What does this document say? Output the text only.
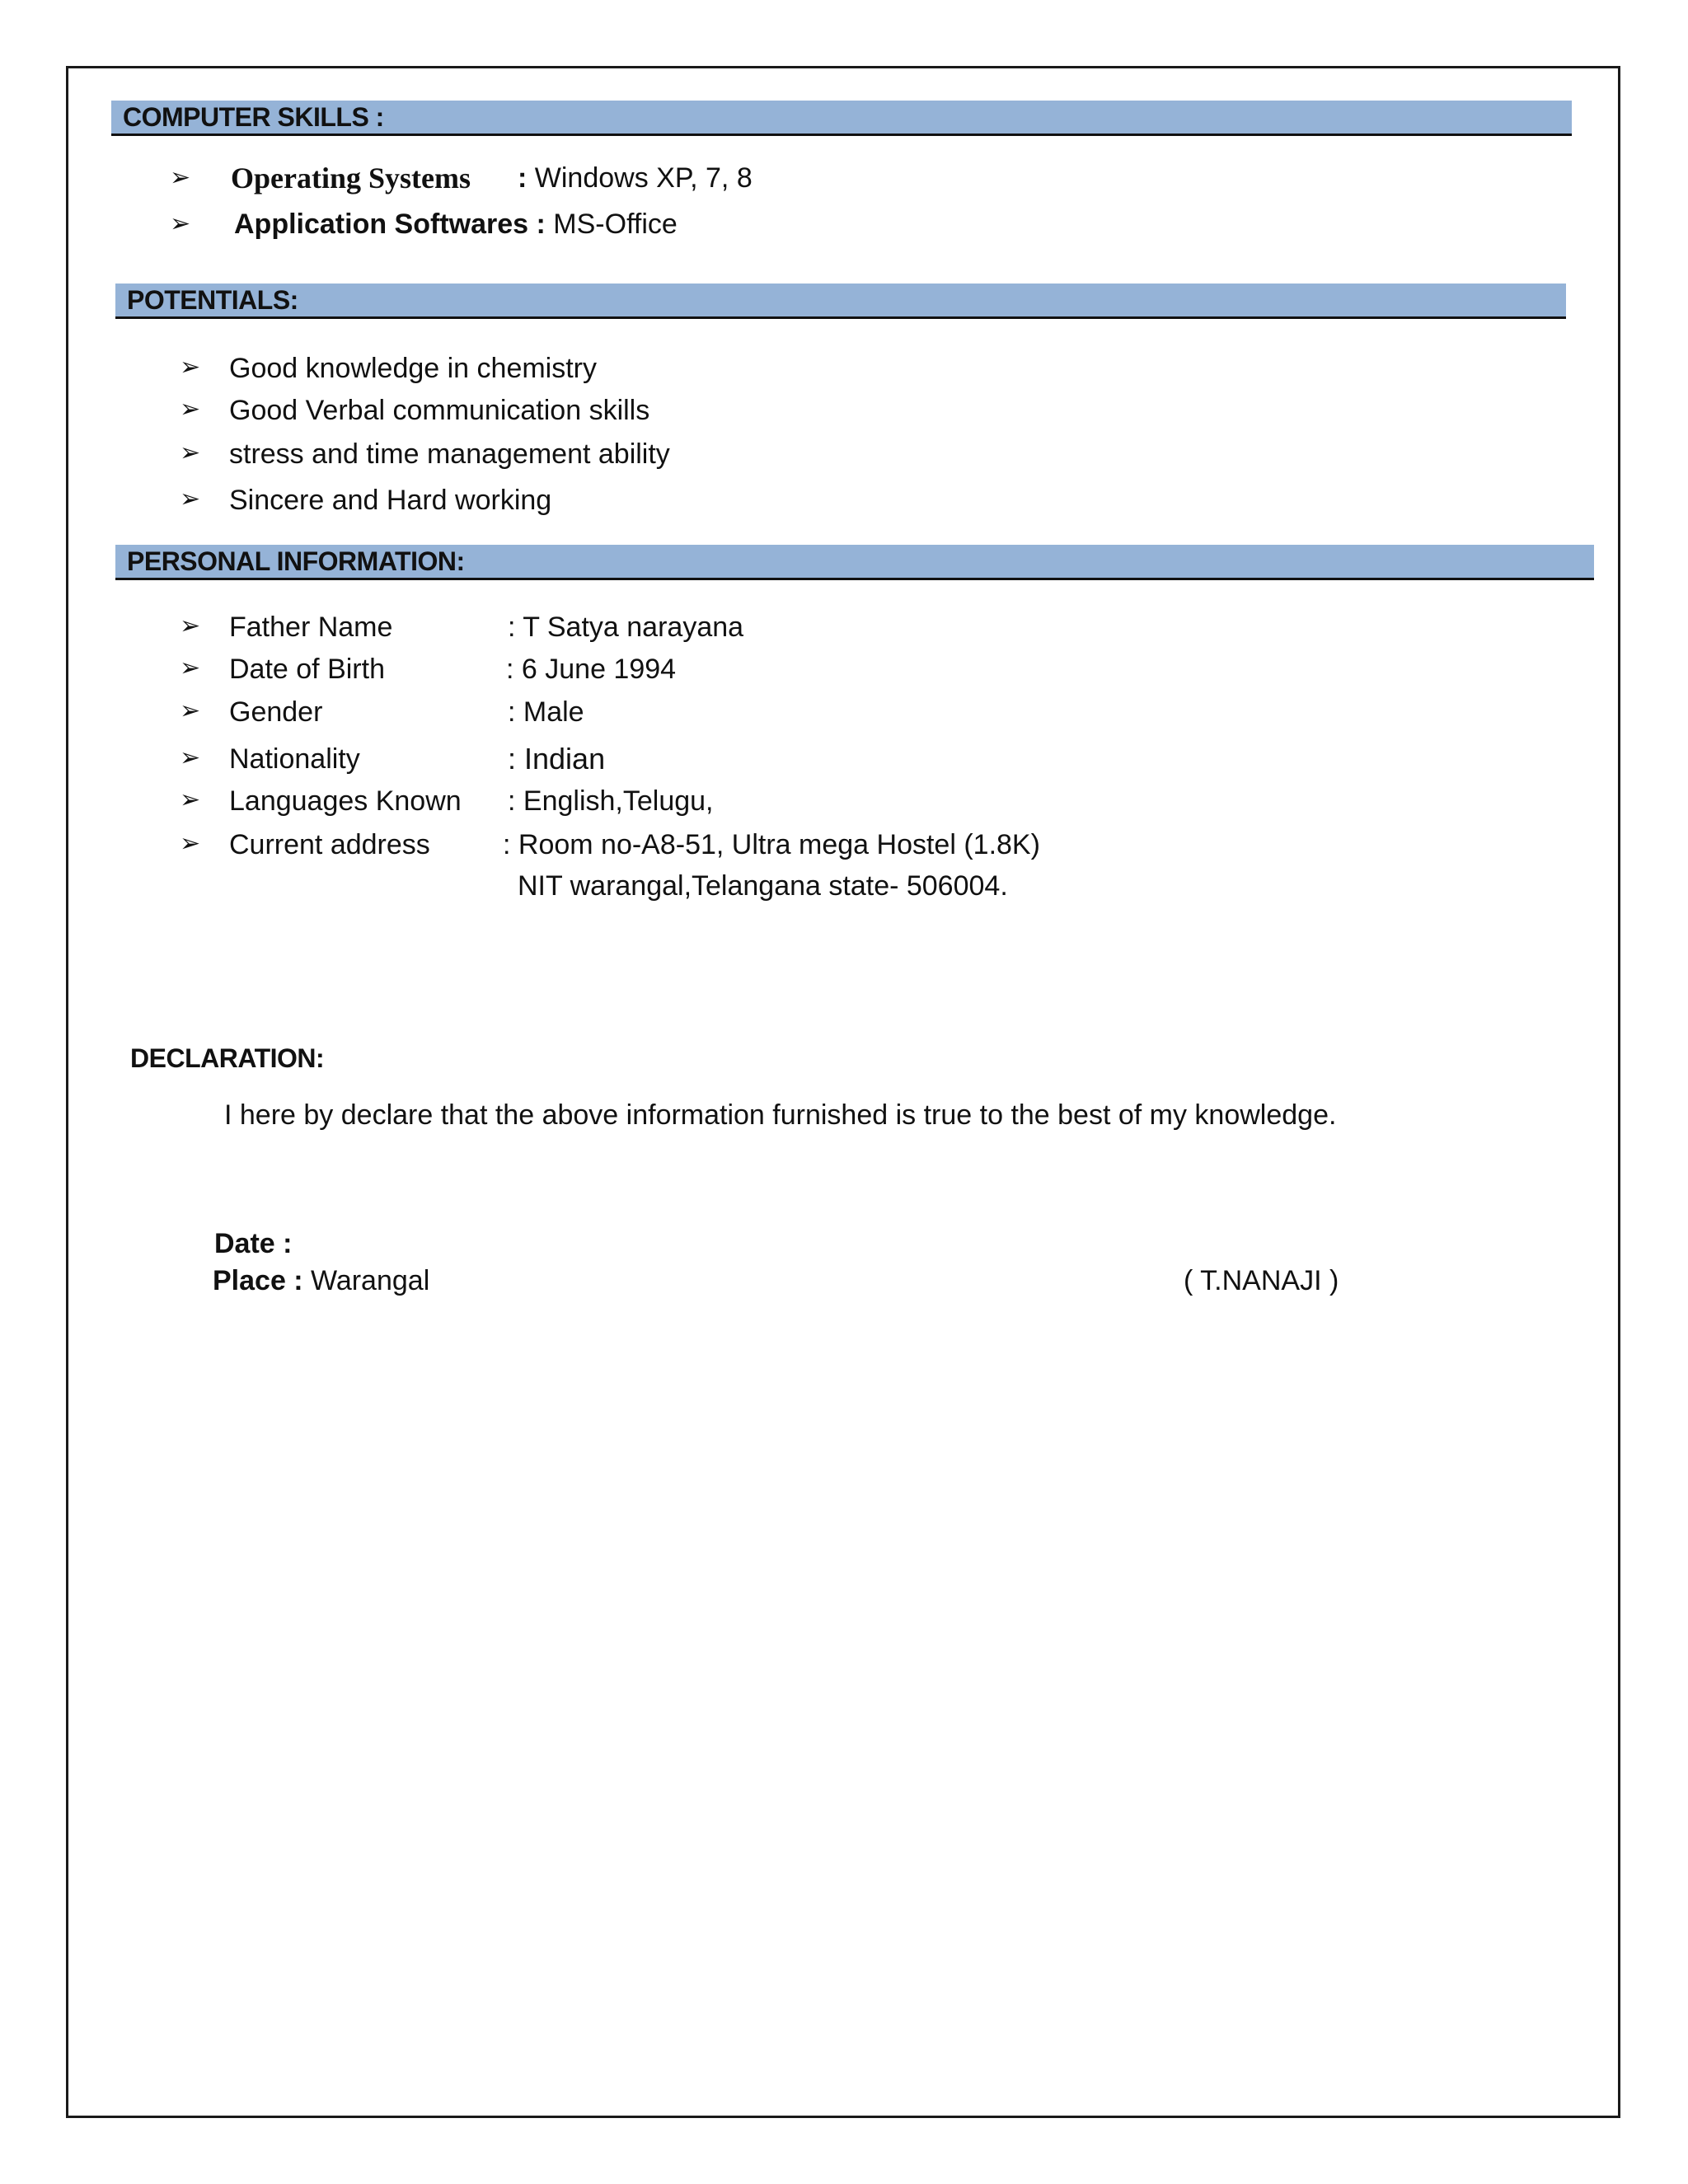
COMPUTER SKILLS :
➢ Operating Systems : Windows XP, 7, 8
➢ Application Softwares : MS-Office
POTENTIALS:
➢ Good knowledge in chemistry
➢ Good Verbal communication skills
➢ stress and time management ability
➢ Sincere and Hard working
PERSONAL INFORMATION:
➢ Father Name	: T Satya narayana
➢ Date of Birth	: 6 June 1994
➢ Gender	: Male
➢ Nationality	: Indian
➢ Languages Known : English,Telugu,
➢ Current address	: Room no-A8-51, Ultra mega Hostel (1.8K)
NIT warangal,Telangana state- 506004.
DECLARATION:
I here by declare that the above information furnished is true to the best of my knowledge.
Date :
Place : Warangal	( T.NANAJI )
